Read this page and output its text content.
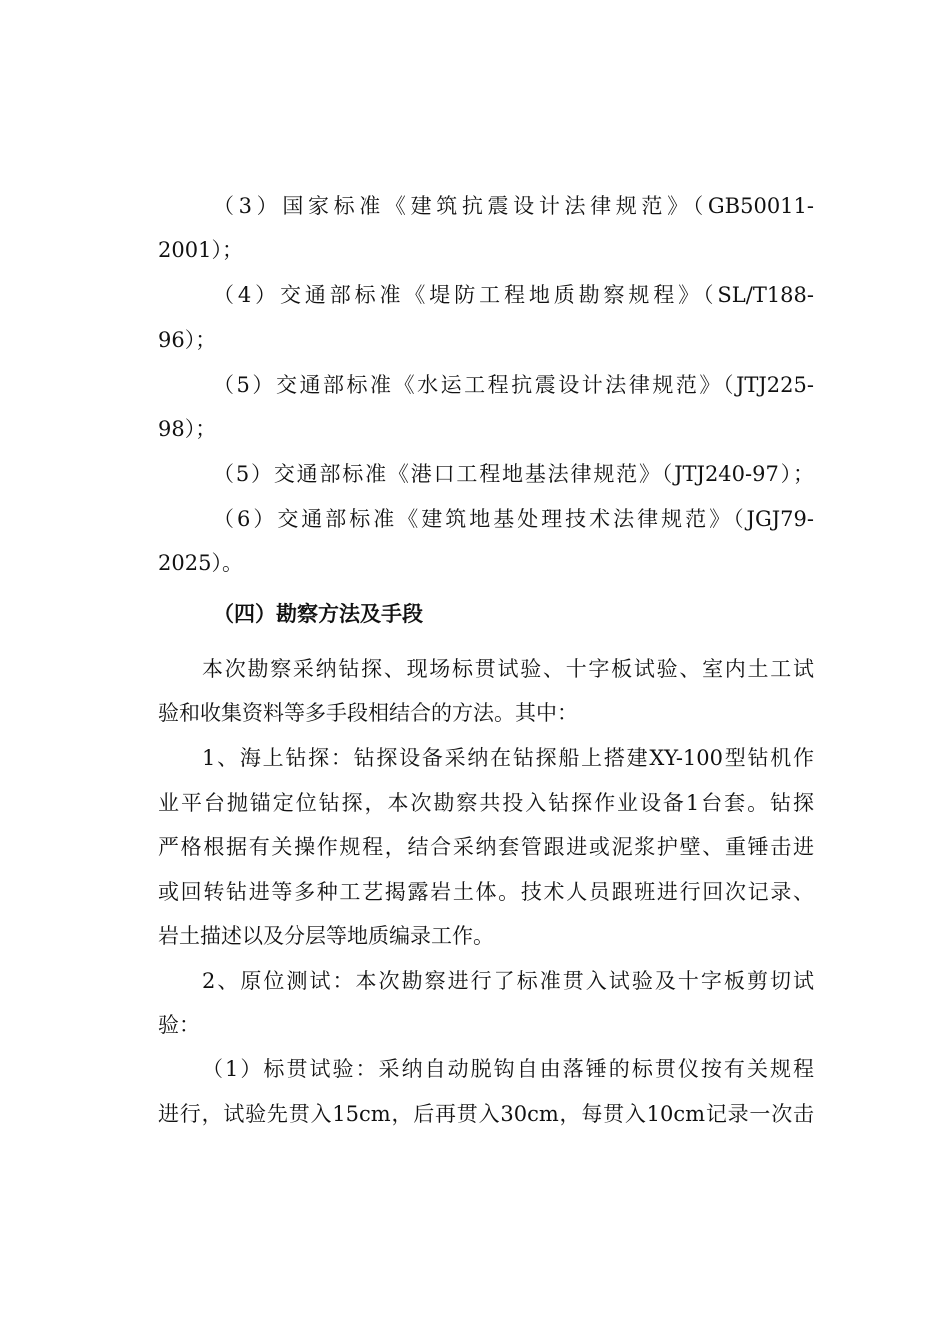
（3）国家标准《建筑抗震设计法律规范》（GB50011-
2001）；
（4）交通部标准《堤防工程地质勘察规程》（SL/T188-
96）；
（5）交通部标准《水运工程抗震设计法律规范》（JTJ225-
98）；
（5）交通部标准《港口工程地基法律规范》（JTJ240-97）；
（6）交通部标准《建筑地基处理技术法律规范》（JGJ79-
2025）。
（四）勘察方法及手段
本次勘察采纳钻探、现场标贯试验、十字板试验、室内土工试
验和收集资料等多手段相结合的方法。其中：
1、海上钻探：钻探设备采纳在钻探船上搭建XY-100型钻机作
业平台抛锚定位钻探，本次勘察共投入钻探作业设备1台套。钻探
严格根据有关操作规程，结合采纳套管跟进或泥浆护壁、重锤击进
或回转钻进等多种工艺揭露岩土体。技术人员跟班进行回次记录、
岩土描述以及分层等地质编录工作。
2、原位测试：本次勘察进行了标准贯入试验及十字板剪切试
验：
（1）标贯试验：采纳自动脱钩自由落锤的标贯仪按有关规程
进行，试验先贯入15cm，后再贯入30cm，每贯入10cm记录一次击
